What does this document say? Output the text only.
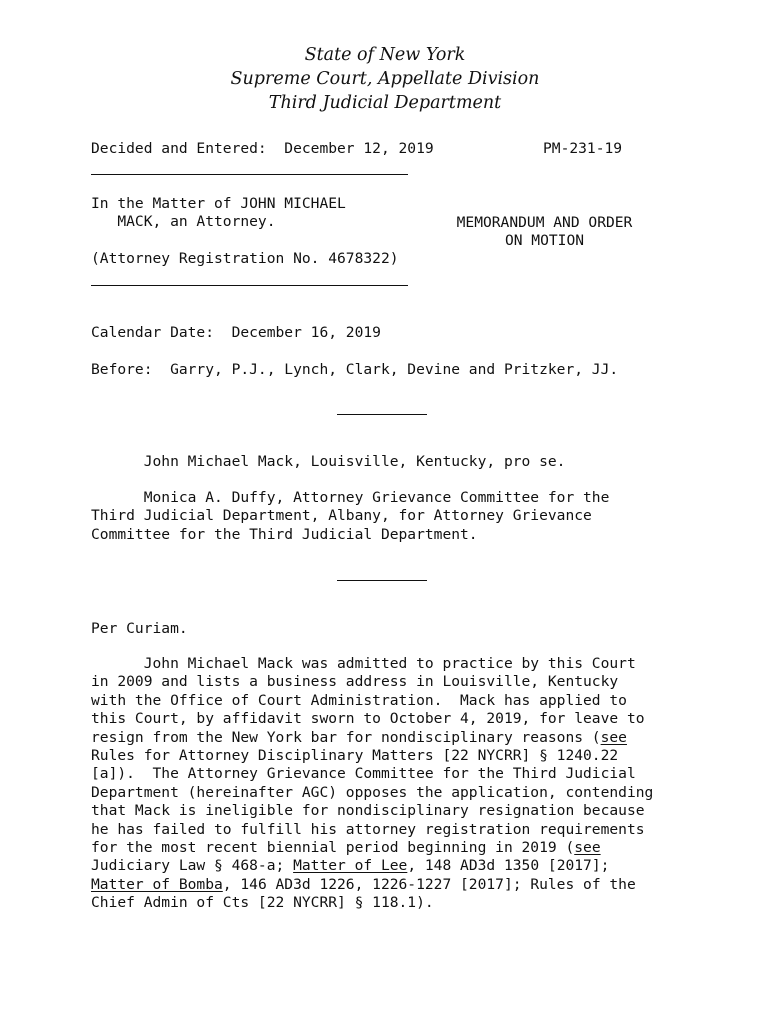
State of New York
Supreme Court, Appellate Division
Third Judicial Department
Decided and Entered:  December 12, 2019	PM-231-19
In the Matter of JOHN MICHAEL
MACK, an Attorney.
(Attorney Registration No. 4678322)
MEMORANDUM AND ORDER
ON MOTION
Calendar Date:  December 16, 2019
Before:  Garry, P.J., Lynch, Clark, Devine and Pritzker, JJ.
John Michael Mack, Louisville, Kentucky, pro se.
Monica A. Duffy, Attorney Grievance Committee for the
Third Judicial Department, Albany, for Attorney Grievance
Committee for the Third Judicial Department.
Per Curiam.
John Michael Mack was admitted to practice by this Court
in 2009 and lists a business address in Louisville, Kentucky
with the Office of Court Administration.  Mack has applied to
this Court, by affidavit sworn to October 4, 2019, for leave to
resign from the New York bar for nondisciplinary reasons (see
Rules for Attorney Disciplinary Matters [22 NYCRR] § 1240.22
[a]).  The Attorney Grievance Committee for the Third Judicial
Department (hereinafter AGC) opposes the application, contending
that Mack is ineligible for nondisciplinary resignation because
he has failed to fulfill his attorney registration requirements
for the most recent biennial period beginning in 2019 (see
Judiciary Law § 468-a; Matter of Lee, 148 AD3d 1350 [2017];
Matter of Bomba, 146 AD3d 1226, 1226-1227 [2017]; Rules of the
Chief Admin of Cts [22 NYCRR] § 118.1).
